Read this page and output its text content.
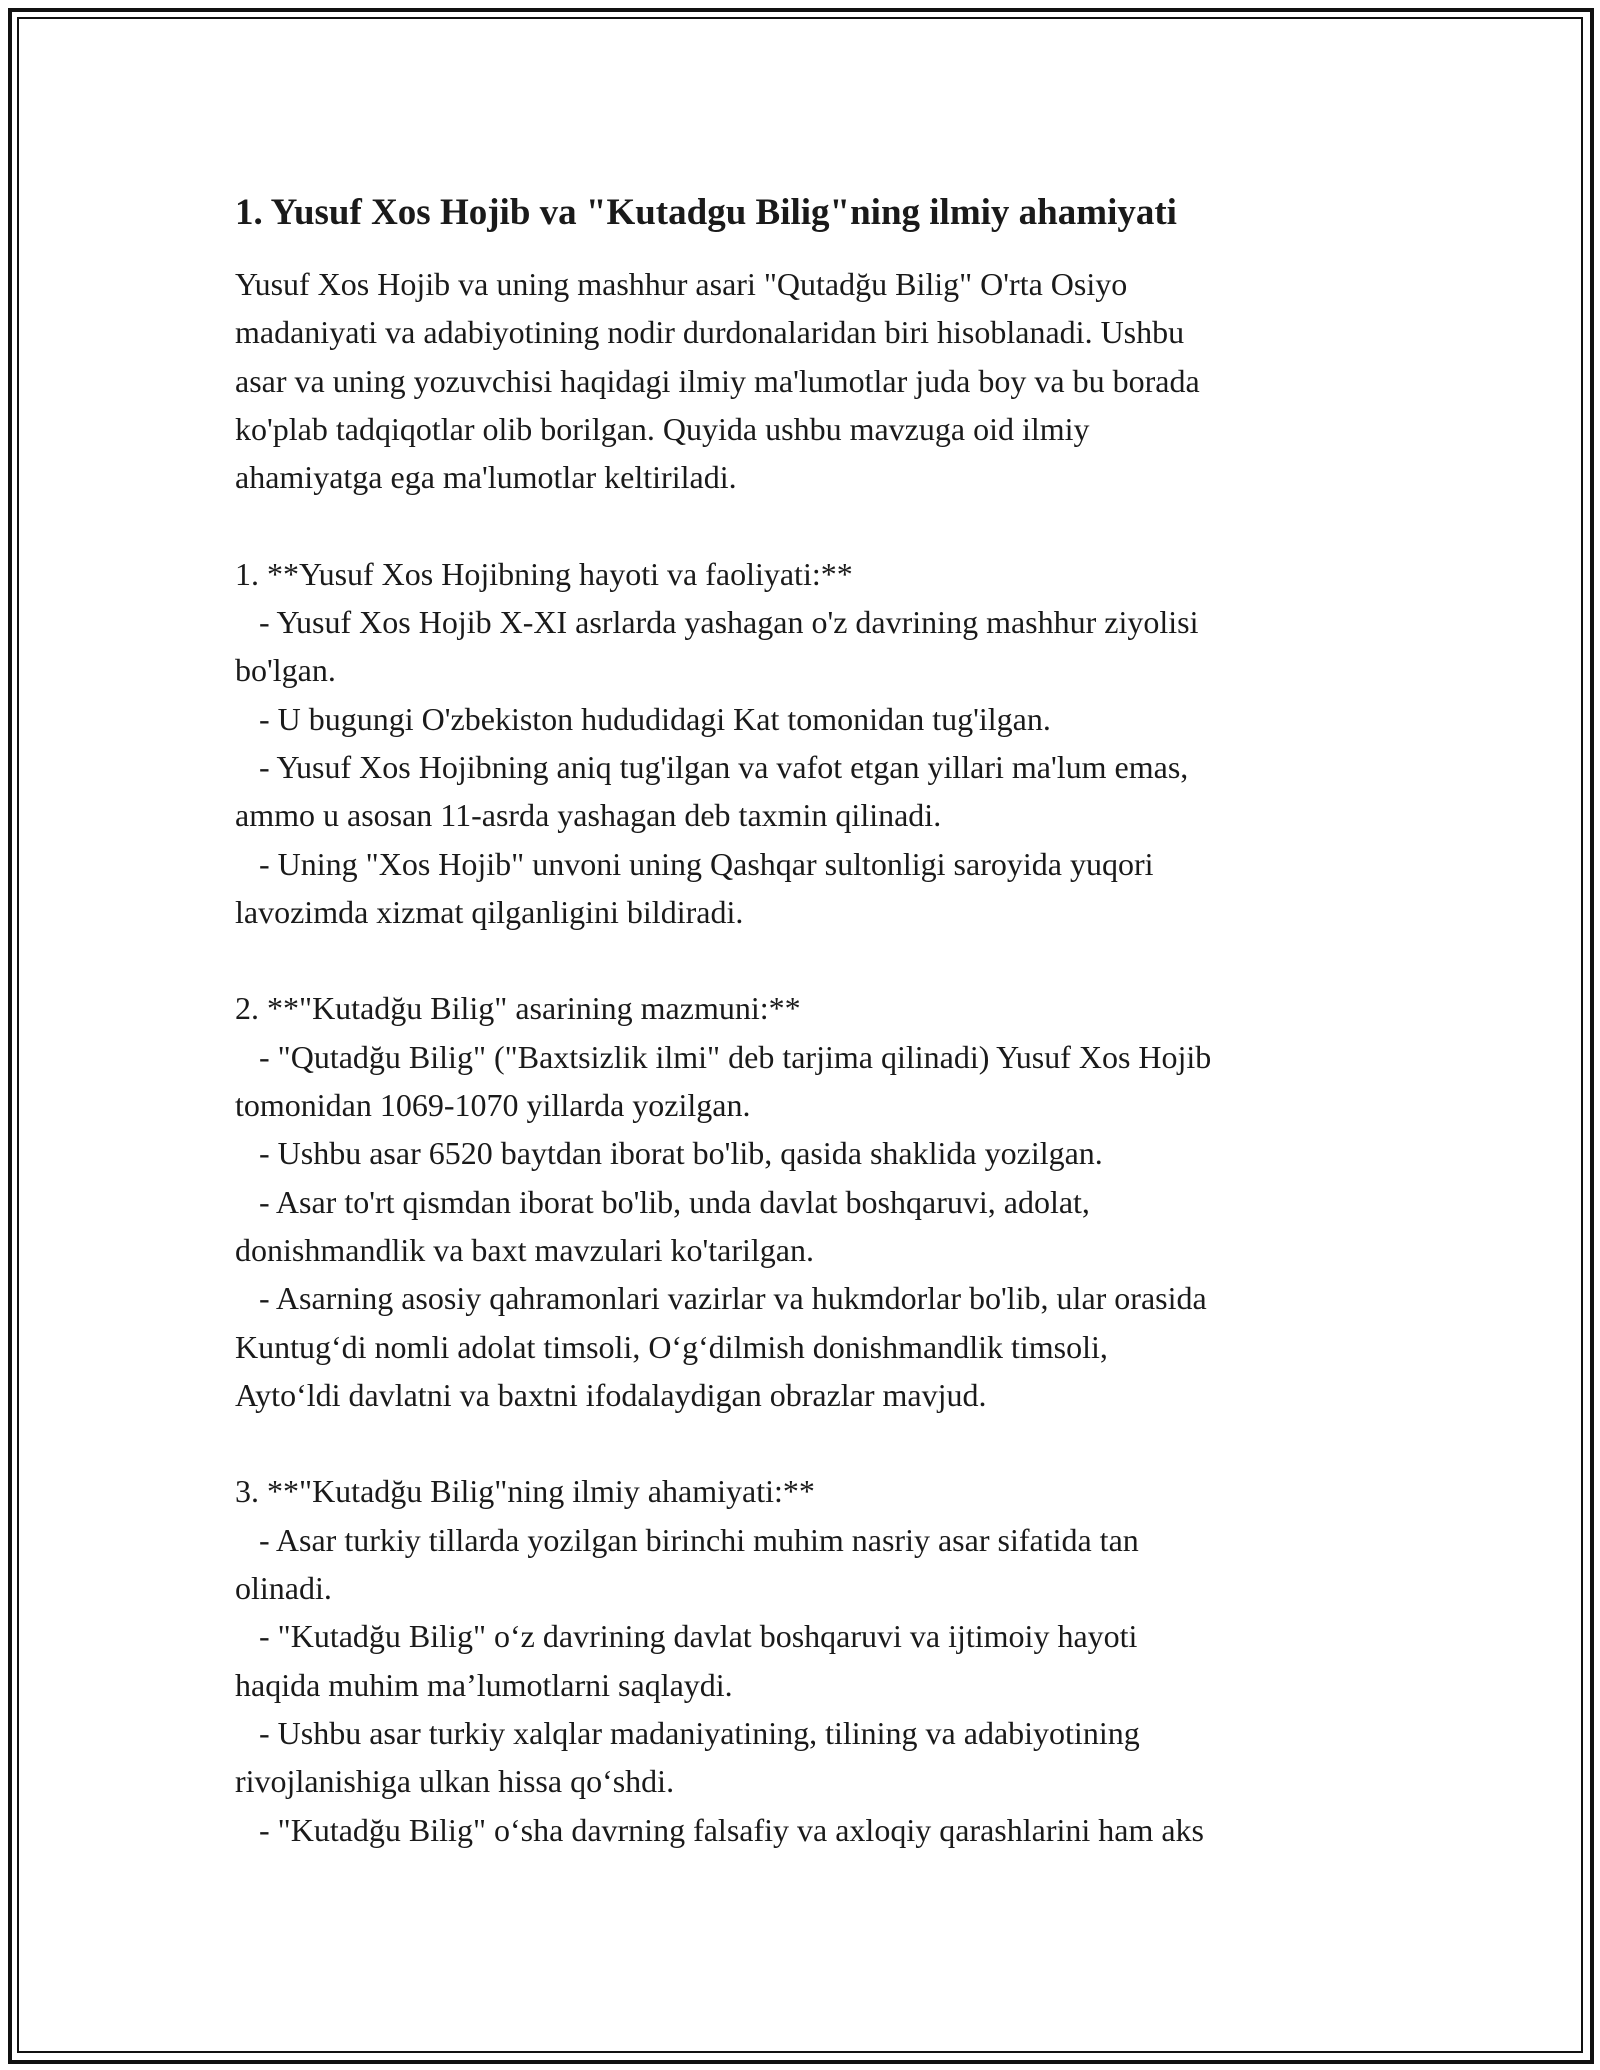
1. Yusuf Xos Hojib va "Kutadgu Bilig"ning ilmiy ahamiyati
Yusuf Xos Hojib va uning mashhur asari "Qutadğu Bilig" O'rta Osiyo
madaniyati va adabiyotining nodir durdonalaridan biri hisoblanadi. Ushbu
asar va uning yozuvchisi haqidagi ilmiy ma'lumotlar juda boy va bu borada
ko'plab tadqiqotlar olib borilgan. Quyida ushbu mavzuga oid ilmiy
ahamiyatga ega ma'lumotlar keltiriladi.
1. **Yusuf Xos Hojibning hayoti va faoliyati:**
- Yusuf Xos Hojib X-XI asrlarda yashagan o'z davrining mashhur ziyolisi
bo'lgan.
- U bugungi O'zbekiston hududidagi Kat tomonidan tug'ilgan.
- Yusuf Xos Hojibning aniq tug'ilgan va vafot etgan yillari ma'lum emas,
ammo u asosan 11-asrda yashagan deb taxmin qilinadi.
- Uning "Xos Hojib" unvoni uning Qashqar sultonligi saroyida yuqori
lavozimda xizmat qilganligini bildiradi.
2. **"Kutadğu Bilig" asarining mazmuni:**
- "Qutadğu Bilig" ("Baxtsizlik ilmi" deb tarjima qilinadi) Yusuf Xos Hojib
tomonidan 1069-1070 yillarda yozilgan.
- Ushbu asar 6520 baytdan iborat bo'lib, qasida shaklida yozilgan.
- Asar to'rt qismdan iborat bo'lib, unda davlat boshqaruvi, adolat,
donishmandlik va baxt mavzulari ko'tarilgan.
- Asarning asosiy qahramonlari vazirlar va hukmdorlar bo'lib, ular orasida
Kuntug‘di nomli adolat timsoli, O‘g‘dilmish donishmandlik timsoli,
Ayto‘ldi davlatni va baxtni ifodalaydigan obrazlar mavjud.
3. **"Kutadğu Bilig"ning ilmiy ahamiyati:**
- Asar turkiy tillarda yozilgan birinchi muhim nasriy asar sifatida tan
olinadi.
- "Kutadğu Bilig" o‘z davrining davlat boshqaruvi va ijtimoiy hayoti
haqida muhim ma’lumotlarni saqlaydi.
- Ushbu asar turkiy xalqlar madaniyatining, tilining va adabiyotining
rivojlanishiga ulkan hissa qo‘shdi.
- "Kutadğu Bilig" o‘sha davrning falsafiy va axloqiy qarashlarini ham aks
